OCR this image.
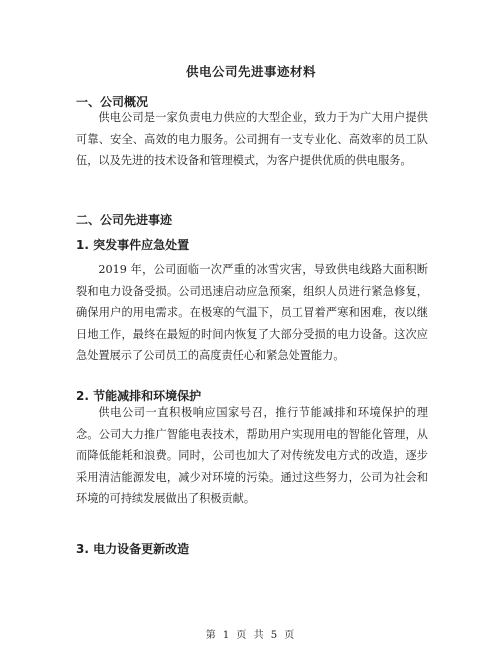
供电公司先进事迹材料
一、公司概况

供电公司是一家负责电力供应的大型企业，致力于为广大用户提供可靠、安全、高效的电力服务。公司拥有一支专业化、高效率的员工队伍，以及先进的技术设备和管理模式，为客户提供优质的供电服务。

二、公司先进事迹
1. 突发事件应急处置

2019 年，公司面临一次严重的冰雪灾害，导致供电线路大面积断裂和电力设备受损。公司迅速启动应急预案，组织人员进行紧急修复，确保用户的用电需求。在极寒的气温下，员工冒着严寒和困难，夜以继日地工作，最终在最短的时间内恢复了大部分受损的电力设备。这次应急处置展示了公司员工的高度责任心和紧急处置能力。

2. 节能减排和环境保护

供电公司一直积极响应国家号召，推行节能减排和环境保护的理念。公司大力推广智能电表技术，帮助用户实现用电的智能化管理，从而降低能耗和浪费。同时，公司也加大了对传统发电方式的改造，逐步采用清洁能源发电，减少对环境的污染。通过这些努力，公司为社会和环境的可持续发展做出了积极贡献。

3. 电力设备更新改造
第 1 页 共 5 页
